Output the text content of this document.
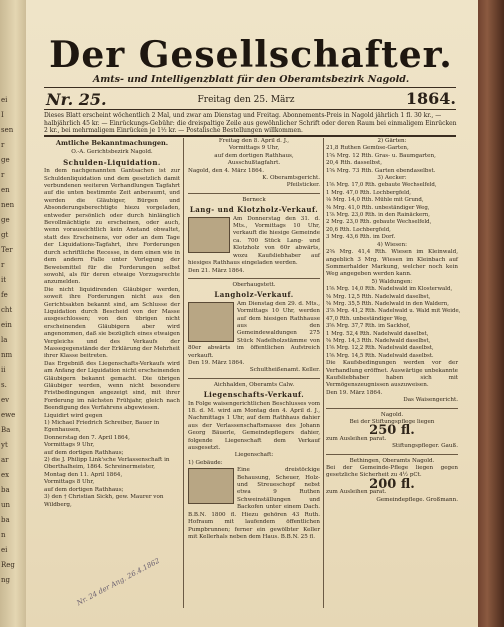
ei
I
sen
r
ge
r
en
nen
ge
gt
Ter
r
it
fe
cht
ein
la
nm
ii
s.
ev
ewe
Ba
yt
ar
ex
ba
un
ba
n
ei
Reg
ng
Der Gesellschafter.
Amts- und Intelligenzblatt für den Oberamtsbezirk Nagold.
Nr. 25.	Freitag den 25. März	1864.
Dieses Blatt erscheint wöchentlich 2 Mal, und zwar am Dienstag und Freitag. Abonnements-Preis in Nagold jährlich 1 fl. 30 kr., — halbjährlich 45 kr. — Einrückungs-Gebühr: die dreispaltige Zeile aus gewöhnlicher Schrift oder deren Raum bei einmaligem Einrücken 2 kr., bei mehrmaligem Einrücken je 1½ kr. — Postalische Bestellungen willkommen.
Amtliche Bekanntmachungen.
O.-A. Gerichtsbezirk Nagold.
Schulden-Liquidation.
In dem nachgenannten Gantsachen ist zur Schuldenliquidation und dem gesetzlich damit verbundenen weiteren Verhandlungen Tagfahrt auf die unten bestimmte Zeit anberaumt, und werden die Gläubiger, Bürgen und Absonderungsberechtigte hiezu vorgeladen, entweder persönlich oder durch hinlänglich Bevollmächtigte zu erscheinen, oder auch, wenn voraussichtlich kein Anstand obwaltet, statt des Erscheinens, vor oder an dem Tage der Liquidations-Tagfahrt, ihre Forderungen durch schriftliche Recesse, in dem einen wie in dem andern Falle unter Vorlegung der Beweismittel für die Forderungen selbst sowohl, als für deren etwaige Vorzugsrechte anzumelden.
Die nicht liquidirenden Gläubiger werden, soweit ihre Forderungen nicht aus den Gerichtsakten bekannt sind, am Schlusse der Liquidation durch Bescheid von der Masse ausgeschlossen; von den übrigen nicht erscheinenden Gläubigern aber wird angenommen, daß sie bezüglich eines etwaigen Vergleichs und des Verkaufs der Massegegenstände der Erklärung der Mehrheit ihrer Klasse beitreten.
Das Ergebniß des Liegenschafts-Verkaufs wird am Anfang der Liquidation nicht erscheinenden Gläubigern bekannt gemacht. Die übrigen Gläubiger werden, wenn nicht besondere Fristbedingungen angezeigt sind, mit ihrer Forderung im nächsten Frühjahr, gleich nach Beendigung des Verfahrens abgewiesen.
Liquidirt wird gegen
1) Michael Friedrich Schreiber, Bauer in Egenhausen,
Donnerstag den 7. April 1864,
Vormittags 9 Uhr,
auf dem dortigen Rathhaus;
2) die J. Philipp Link'sche Verlassenschaft in Oberthalheim, 1864. Schreinermeister,
Montag den 11. April 1864,
Vormittags 8 Uhr,
auf dem dortigen Rathhaus;
3) den † Christian Sickh, gew. Maurer von Wildberg,
Freitag den 8. April d. J.,
Vormittags 9 Uhr,
auf dem dortigen Rathhaus,
Ausschußtagfahrt.
Nagold, den 4. März 1864.
K. Oberamtsgericht.
Pfeilsticker.
Berneck
Lang- und Klotzholz-Verkauf.
Am Donnerstag den 31. d. Mts., Vormittags 10 Uhr, verkauft die hiesige Gemeinde ca. 700 Stück Lang- und Klotzholz von 60r abwärts, wozu Kaufsliebhaber auf hiesiges Rathhaus eingeladen werden.
Den 21. März 1864.
Oberhaugstett.
Langholz-Verkauf.
Am Dienstag den 29. d. Mts., Vormittags 10 Uhr, werden auf dem hiesigen Rathhause aus den Gemeindewaldungen 275 Stück Nadelholzstämme von 80er abwärts im öffentlichen Aufstreich verkauft.
Den 19. März 1864.
Schultheißenamt. Keller.
Aichhalden, Oberamts Calw.
Liegenschafts-Verkauf.
In Folge waisengerichtlichen Beschlusses vom 18. d. M. wird am Montag den 4. April d. J., Nachmittags 1 Uhr, auf dem Rathhaus dahier aus der Verlassenschaftsmasse des Johann Georg Bäuerle, Gemeindepflegers dahier, folgende Liegenschaft dem Verkauf ausgesetzt.
Liegenschaft:
1) Gebäude:
Eine dreistöckige Behausung, Scheuer, Holz- und Streueschopf nebst etwa 9 Ruthen Schweinställungen und Backofen unter einem Dach. B.B.N. 1800 fl. Hiezu gehören 43 Ruth. Hofraum mit laufendem öffentlichen Pumpbrunnen; ferner ein gewölbter Keller mit Kellerhals neben dem Haus. B.B.N. 25 fl.
2) Gärten:
21,8 Ruthen Gemüse-Garten,
1⅝ Mrg. 12 Rth. Gras- u. Baumgarten,
20,4 Rth. dasselbst,
1⅝ Mrg. 73 Rth. Garten ebendaselbst.
3) Aecker:
1⅝ Mrg. 17,0 Rth. gebaute Wechselfeld,
1 Mrg. 47,0 Rth. Lochbergfeld,
⅛ Mrg. 14,0 Rth. Mühle mit Grund,
⅜ Mrg. 41,0 Rth. unbeständiger Weg,
1⅞ Mrg. 23,0 Rth. in den Rainäckern,
2 Mrg. 23,0 Rth. gebaute Wechselfeld,
20,6 Rth. Lochbergfeld,
3 Mrg. 43,6 Rth. im Dorf.
4) Wiesen:
2⅜ Mrg. 41,4 Rth. Wiesen im Kleinwald, angeblich 3 Mrg. Wiesen im Kleinbach auf Sommerhalder Markung, welcher noch kein Weg angegeben werden kann.
5) Waldungen:
1⅝ Mrg. 14,0 Rth. Nadelwald im Klosterwald,
⅝ Mrg. 12,5 Rth. Nadelwald daselbst,
⅝ Mrg. 35,5 Rth. Nadelwald in den Waldern,
3⅞ Mrg. 41,2 Rth. Nadelwald u. Wald mit Weide,
47,0 Rth. unbeständiger Weg,
3⅝ Mrg. 37,7 Rth. im Sackhof,
1 Mrg. 52,4 Rth. Nadelwald daselbst,
⅝ Mrg. 14,3 Rth. Nadelwald daselbst,
1⅝ Mrg. 12,2 Rth. Nadelwald daselbst,
1⅝ Mrg. 14,5 Rth. Nadelwald daselbst.
Die Kaufsbedingungen werden vor der Verhandlung eröffnet. Auswärtige unbekannte Kaufsliebhaber haben sich mit Vermögenszeugnissen auszuweisen.
Den 19. März 1864.
Das Waisengericht.
Nagold.
Bei der Stiftungspflege liegen
250 fl.
zum Ausleihen parat.
Stiftungspfleger. Gauß.
Bethingen, Oberamts Nagold.
Bei der Gemeinde-Pflege liegen gegen gesetzliche Sicherheit zu 4½ pCt.
200 fl.
zum Ausleihen parat.
Gemeindepflege. Großmann.
Nr. 24 der Ang. 26.4.1862
